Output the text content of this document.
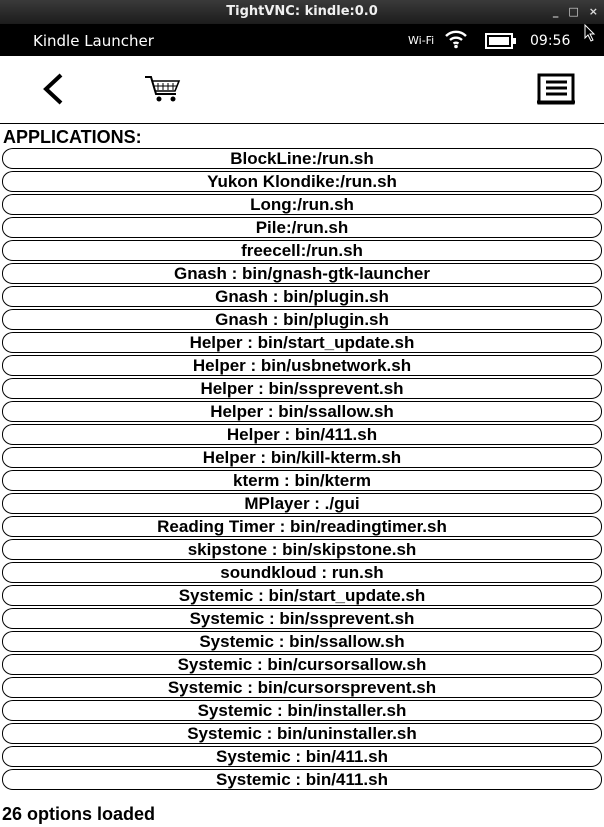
TightVNC: kindle:0.0	_ □ ×
Kindle Launcher	Wi-Fi	09:56
APPLICATIONS:
BlockLine:/run.sh
Yukon Klondike:/run.sh
Long:/run.sh
Pile:/run.sh
freecell:/run.sh
Gnash : bin/gnash-gtk-launcher
Gnash : bin/plugin.sh
Gnash : bin/plugin.sh
Helper : bin/start_update.sh
Helper : bin/usbnetwork.sh
Helper : bin/ssprevent.sh
Helper : bin/ssallow.sh
Helper : bin/411.sh
Helper : bin/kill-kterm.sh
kterm : bin/kterm
MPlayer : ./gui
Reading Timer : bin/readingtimer.sh
skipstone : bin/skipstone.sh
soundkloud : run.sh
Systemic : bin/start_update.sh
Systemic : bin/ssprevent.sh
Systemic : bin/ssallow.sh
Systemic : bin/cursorsallow.sh
Systemic : bin/cursorsprevent.sh
Systemic : bin/installer.sh
Systemic : bin/uninstaller.sh
Systemic : bin/411.sh
Systemic : bin/411.sh
26 options loaded
